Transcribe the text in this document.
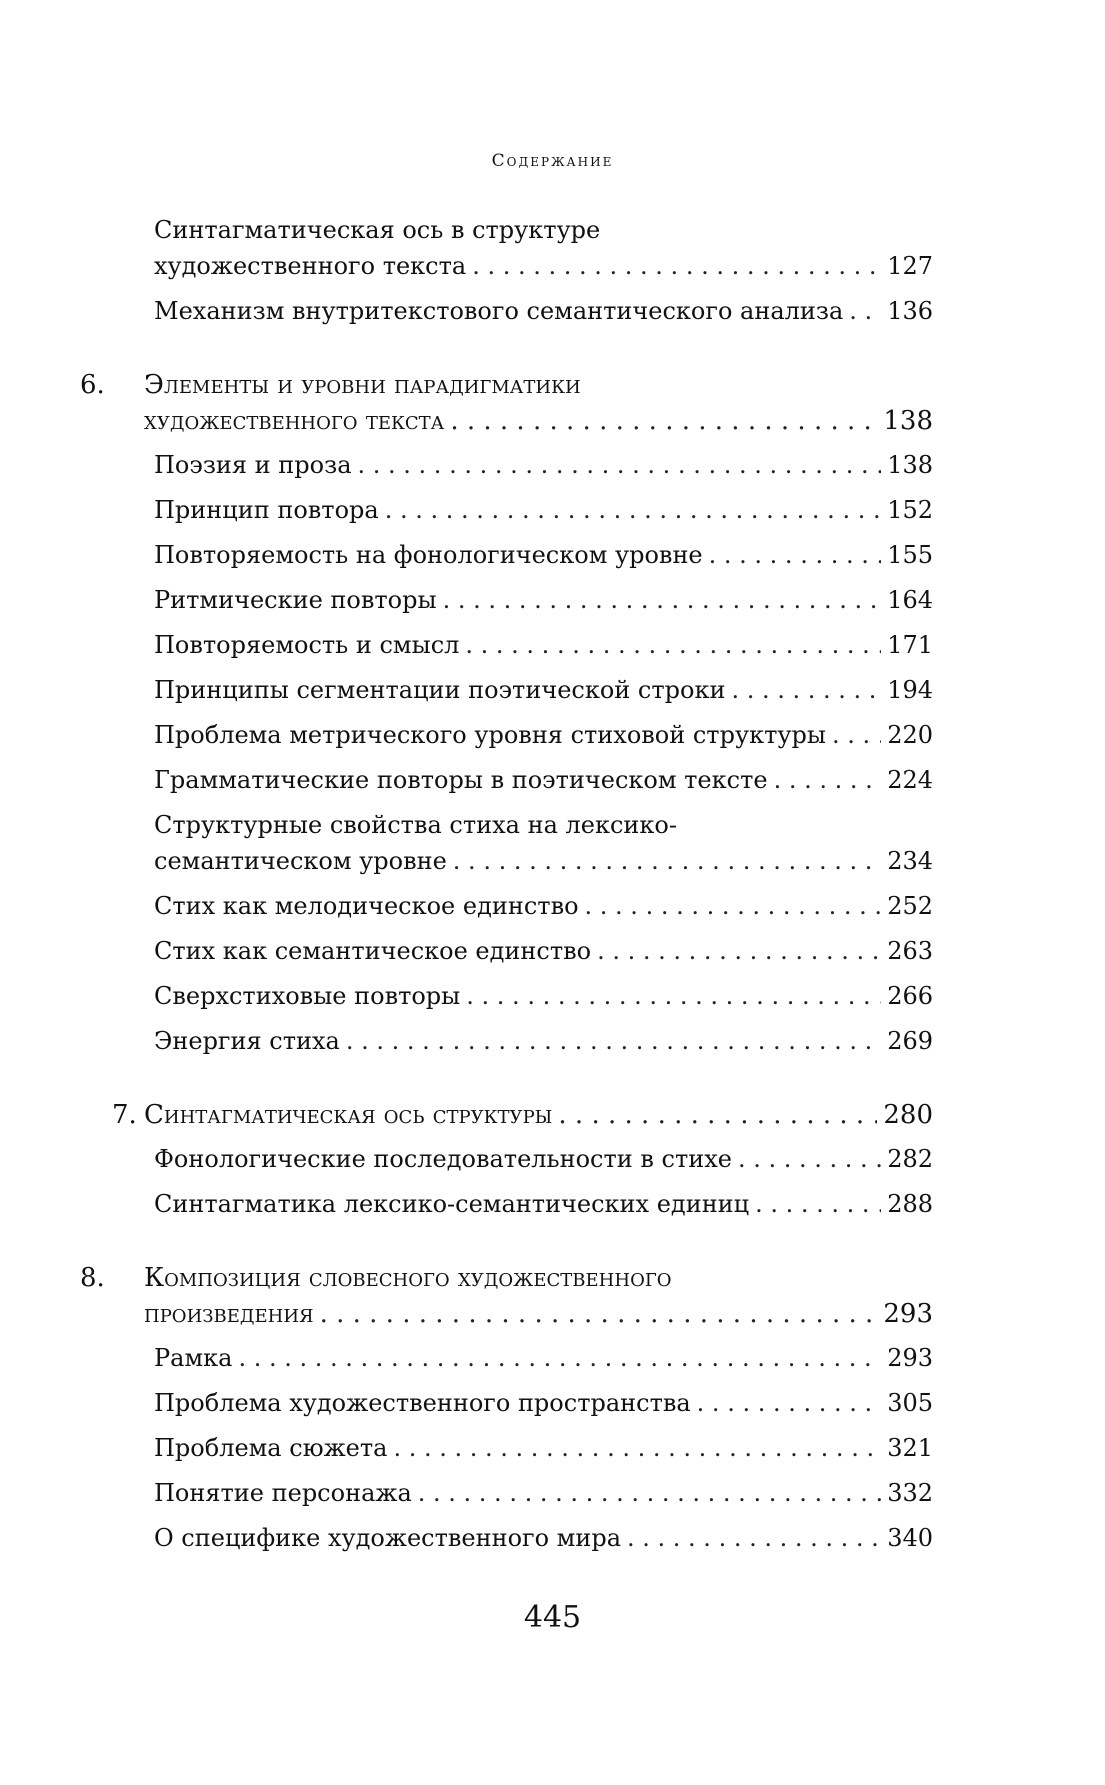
Содержание
Синтагматическая ось в структуре
художественного текста . . .	127
Механизм внутритекстового семантического анализа . . . 136
6. Элементы и уровни парадигматики
художественного текста . . .	138
Поэзия и проза . . .	138
Принцип повтора . . .	152
Повторяемость на фонологическом уровне . . .	155
Ритмические повторы . . .	164
Повторяемость и смысл . . .	171
Принципы сегментации поэтической строки . . .	194
Проблема метрического уровня стиховой структуры . . .	220
Грамматические повторы в поэтическом тексте . . .	224
Структурные свойства стиха на лексико-
семантическом уровне . . .	234
Стих как мелодическое единство . . .	252
Стих как семантическое единство . . .	263
Сверхстиховые повторы . . .	266
Энергия стиха . . .	269
7. Синтагматическая ось структуры . . .	280
Фонологические последовательности в стихе . . .	282
Синтагматика лексико-семантических единиц . . .	288
8. Композиция словесного художественного
произведения . . .	293
Рамка . . .	293
Проблема художественного пространства . . .	305
Проблема сюжета . . .	321
Понятие персонажа . . .	332
О специфике художественного мира . . .	340
445
